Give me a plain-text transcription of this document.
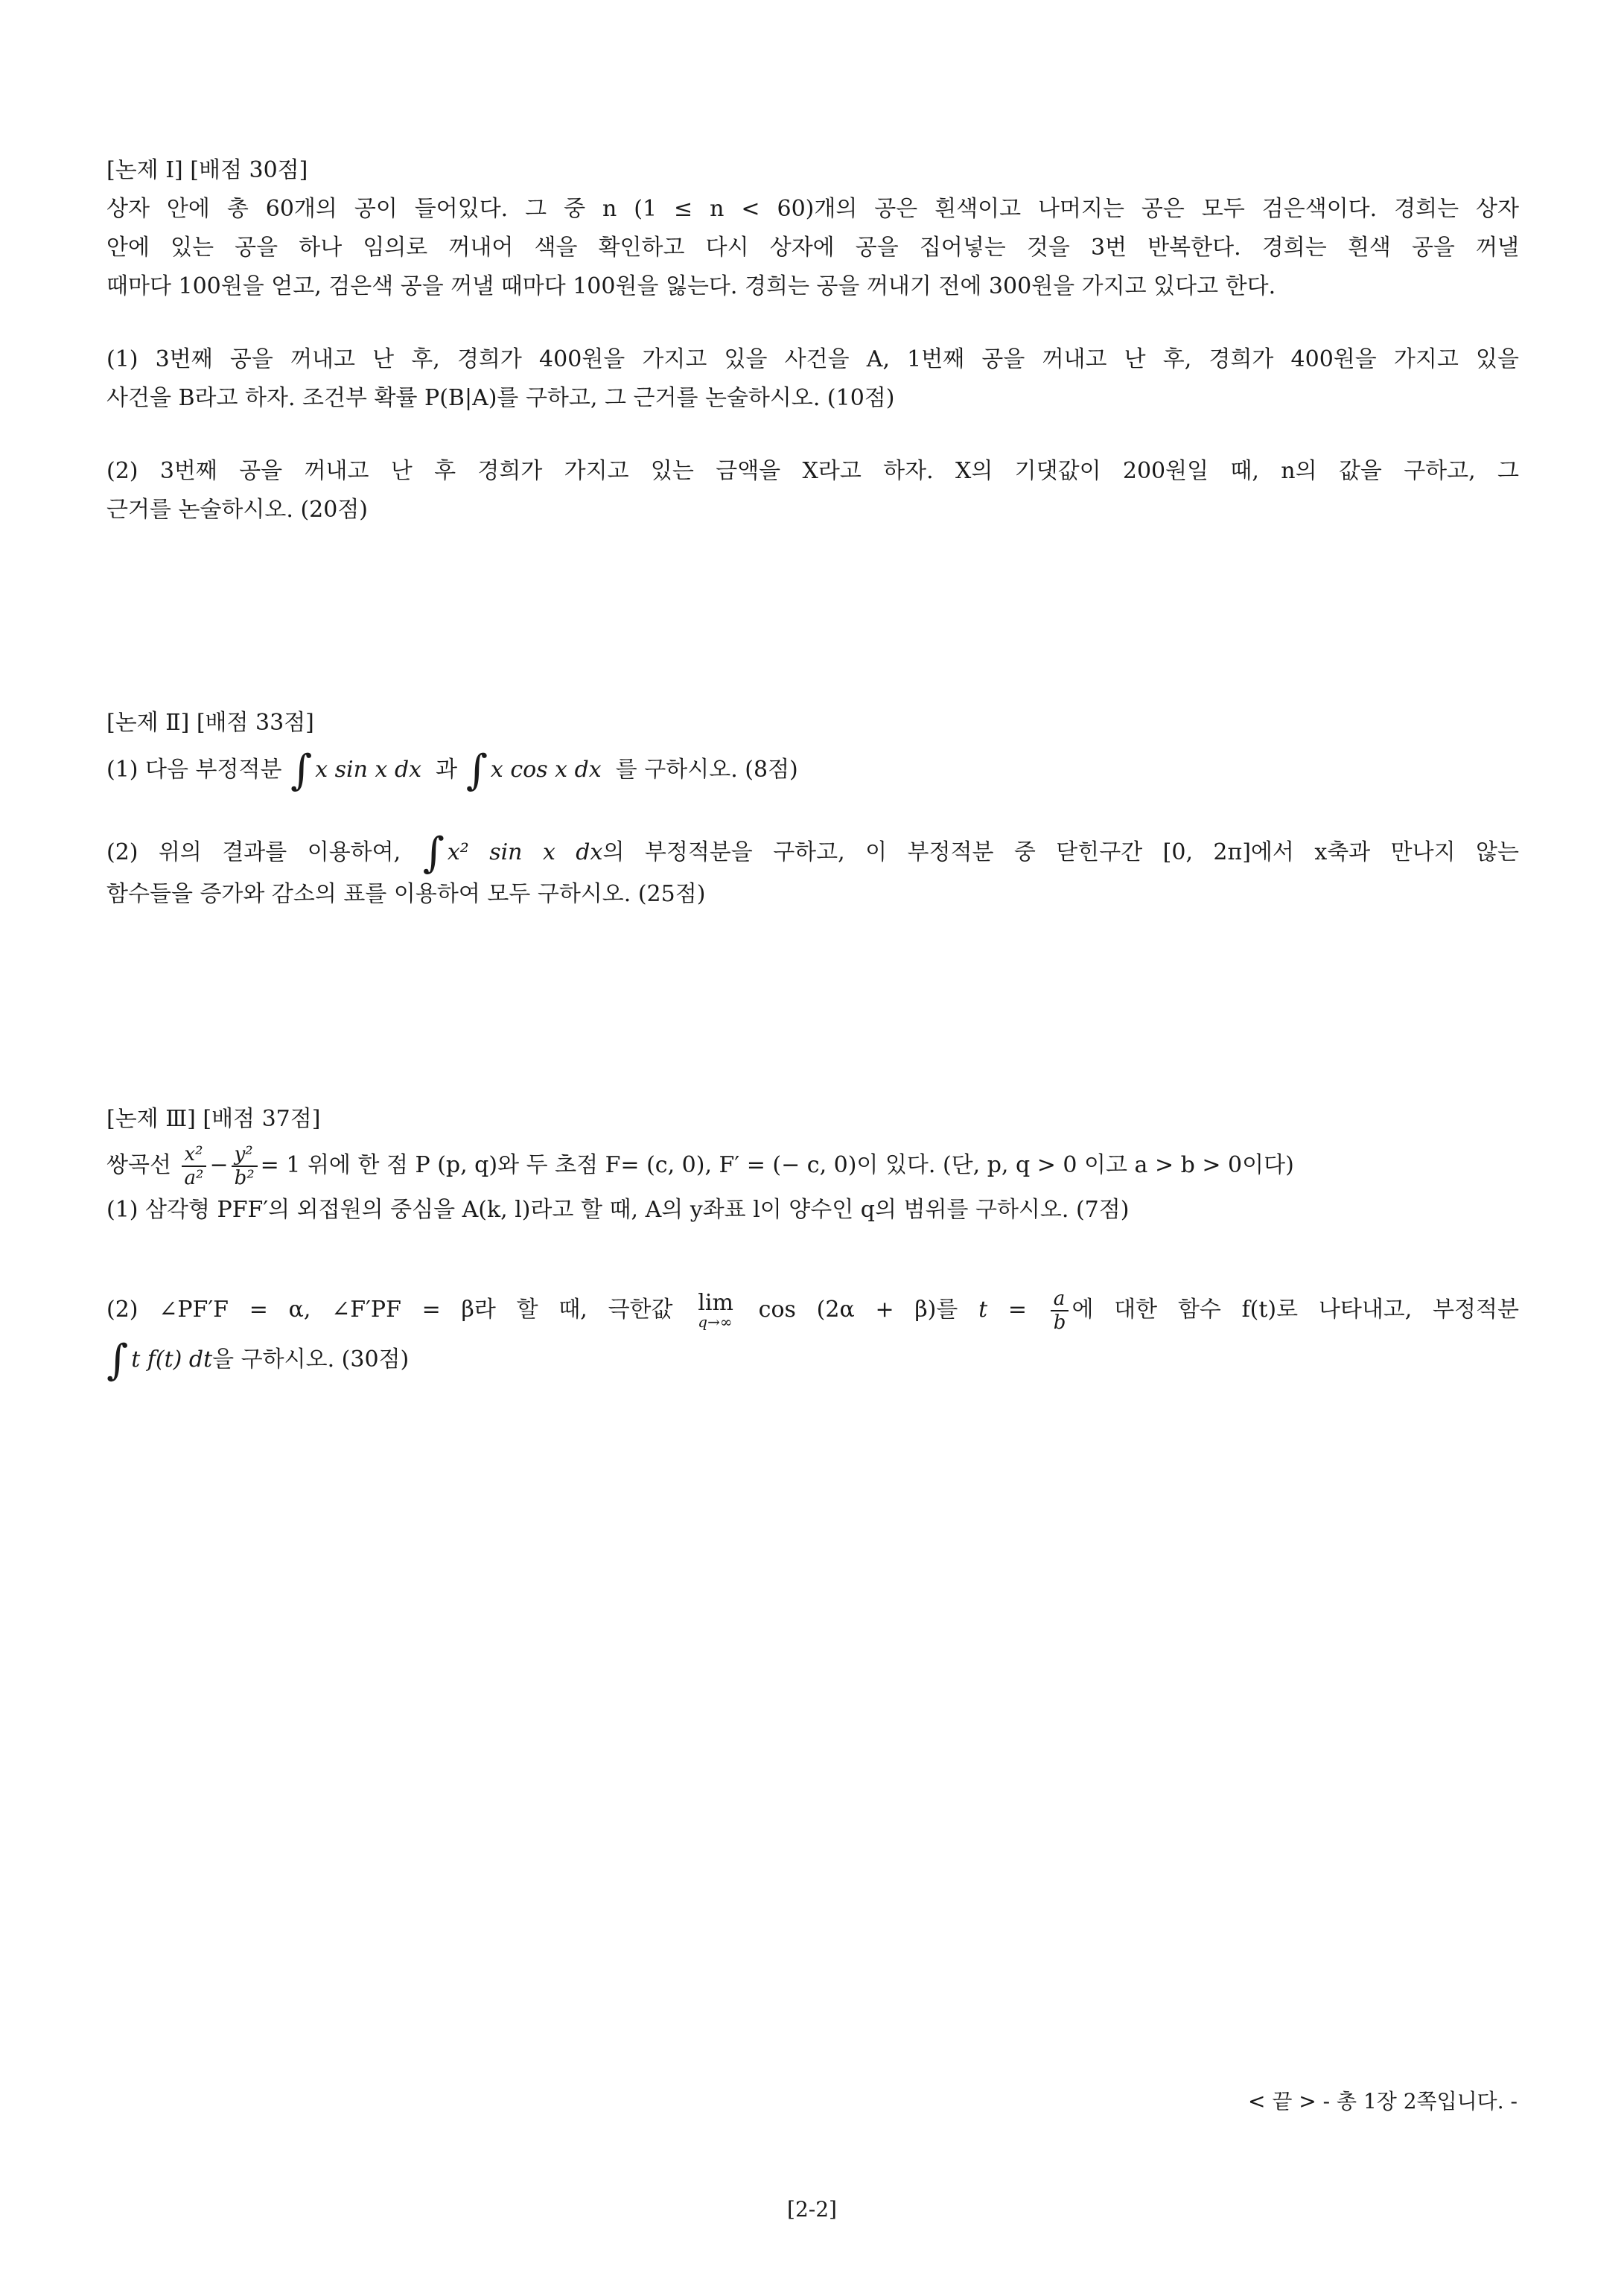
[논제 Ⅰ] [배점 30점]
상자 안에 총 60개의 공이 들어있다. 그 중 n (1 ≤ n < 60)개의 공은 흰색이고 나머지는 공은 모두 검은색이다. 경희는 상자
안에 있는 공을 하나 임의로 꺼내어 색을 확인하고 다시 상자에 공을 집어넣는 것을 3번 반복한다. 경희는 흰색 공을 꺼낼
때마다 100원을 얻고, 검은색 공을 꺼낼 때마다 100원을 잃는다. 경희는 공을 꺼내기 전에 300원을 가지고 있다고 한다.
(1) 3번째 공을 꺼내고 난 후, 경희가 400원을 가지고 있을 사건을 A, 1번째 공을 꺼내고 난 후, 경희가 400원을 가지고 있을
사건을 B라고 하자. 조건부 확률 P(B|A)를 구하고, 그 근거를 논술하시오. (10점)
(2) 3번째 공을 꺼내고 난 후 경희가 가지고 있는 금액을 X라고 하자. X의 기댓값이 200원일 때, n의 값을 구하고, 그
근거를 논술하시오. (20점)
[논제 Ⅱ] [배점 33점]
(1) 다음 부정적분 ∫ x sin x dx 과 ∫ x cos x dx 를 구하시오. (8점)
(2) 위의 결과를 이용하여, ∫ x² sin x dx의 부정적분을 구하고, 이 부정적분 중 닫힌구간 [0, 2π]에서 x축과 만나지 않는
함수들을 증가와 감소의 표를 이용하여 모두 구하시오. (25점)
[논제 Ⅲ] [배점 37점]
쌍곡선 $\frac{\text{x²}}{\text{a²}} - \frac{\text{y²}}{\text{b²}} = 1$ 위에 한 점 P (p, q)와 두 초점 F= (c, 0), F′ = (− c, 0)이 있다. (단, p, q > 0 이고 a > b > 0이다)
(1) 삼각형 PFF′의 외접원의 중심을 A(k, l)라고 할 때, A의 y좌표 l이 양수인 q의 범위를 구하시오. (7점)
(2) ∠PF′F = α, ∠F′PF = β라 할 때, 극한값 lim
q→∞ cos (2α + β)를 $t = \frac{a}{b}$ 에 대한 함수 f(t)로 나타내고, 부정적분
∫ t f(t) dt을 구하시오. (30점)
< 끝 > - 총 1장 2쪽입니다. -
[2-2]
